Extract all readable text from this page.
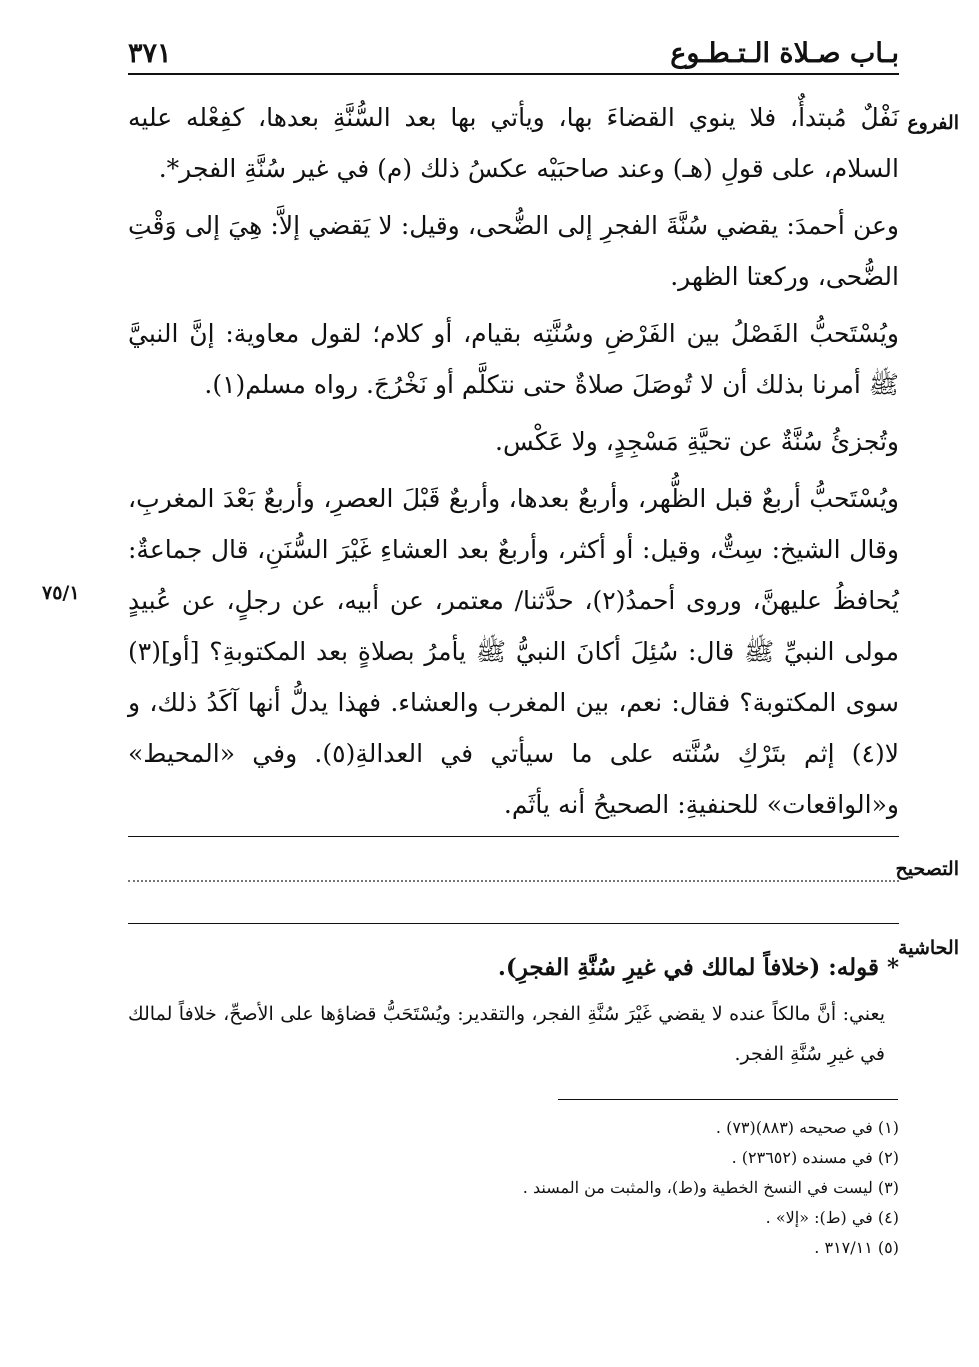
بـاب صـلاة الـتـطـوع
٣٧١
الفروع
٧٥/١

نَفْلٌ مُبتدأٌ، فلا ينوي القضاءَ بها، ويأتي بها بعد السُّنَّةِ بعدها، كفِعْله عليه السلام، على قولِ (هـ) وعند صاحبَيْه عكسُ ذلك (م) في غير سُنَّةِ الفجر*.

وعن أحمدَ: يقضي سُنَّةَ الفجرِ إلى الضُّحى، وقيل: لا يَقضي إلاَّ: هِيَ إلى وَقْتِ الضُّحى، وركعتا الظهر.

ويُسْتَحبُّ الفَصْلُ بين الفَرْضِ وسُنَّتِه بقيام، أو كلام؛ لقول معاوية: إنَّ النبيَّ ﷺ أمرنا بذلك أن لا تُوصَلَ صلاةٌ حتى نتكلَّم أو نَخْرُجَ. رواه مسلم(١).

وتُجزئُ سُنَّةٌ عن تحيَّةِ مَسْجِدٍ، ولا عَكْس.

ويُسْتَحبُّ أربعٌ قبل الظُّهر، وأربعٌ بعدها، وأربعٌ قَبْلَ العصرِ، وأربعٌ بَعْدَ المغربِ، وقال الشيخ: سِتٌّ، وقيل: أو أكثر، وأربعٌ بعد العشاءِ غَيْرَ السُّنَنِ، قال جماعةٌ: يُحافظُ عليهنَّ، وروى أحمدُ(٢)، حدَّثنا/ معتمر، عن أبيه، عن رجلٍ، عن عُبيدٍ مولى النبيِّ ﷺ قال: سُئِلَ أكانَ النبيُّ ﷺ يأمرُ بصلاةٍ بعد المكتوبةِ؟ [أو](٣) سوى المكتوبة؟ فقال: نعم، بين المغرب والعشاء. فهذا يدلُّ أنها آكَدُ ذلك، و لا(٤) إثم بتَرْكِ سُنَّته على ما سيأتي في العدالةِ(٥). وفي «المحيط» و«الواقعات» للحنفيةِ: الصحيحُ أنه يأثَم.

التصحيح
الحاشية

* قوله: (خلافاً لمالك في غيرِ سُنَّةِ الفجرِ).

يعني: أنَّ مالكاً عنده لا يقضي غَيْرَ سُنَّةِ الفجر، والتقدير: ويُسْتَحَبُّ قضاؤها على الأصحِّ، خلافاً لمالك في غيرِ سُنَّةِ الفجر.

(١) في صحيحه (٨٨٣)(٧٣) .

(٢) في مسنده (٢٣٦٥٢) .

(٣) ليست في النسخ الخطية و(ط)، والمثبت من المسند .

(٤) في (ط): «إلا» .

(٥) ٣١٧/١١ .
